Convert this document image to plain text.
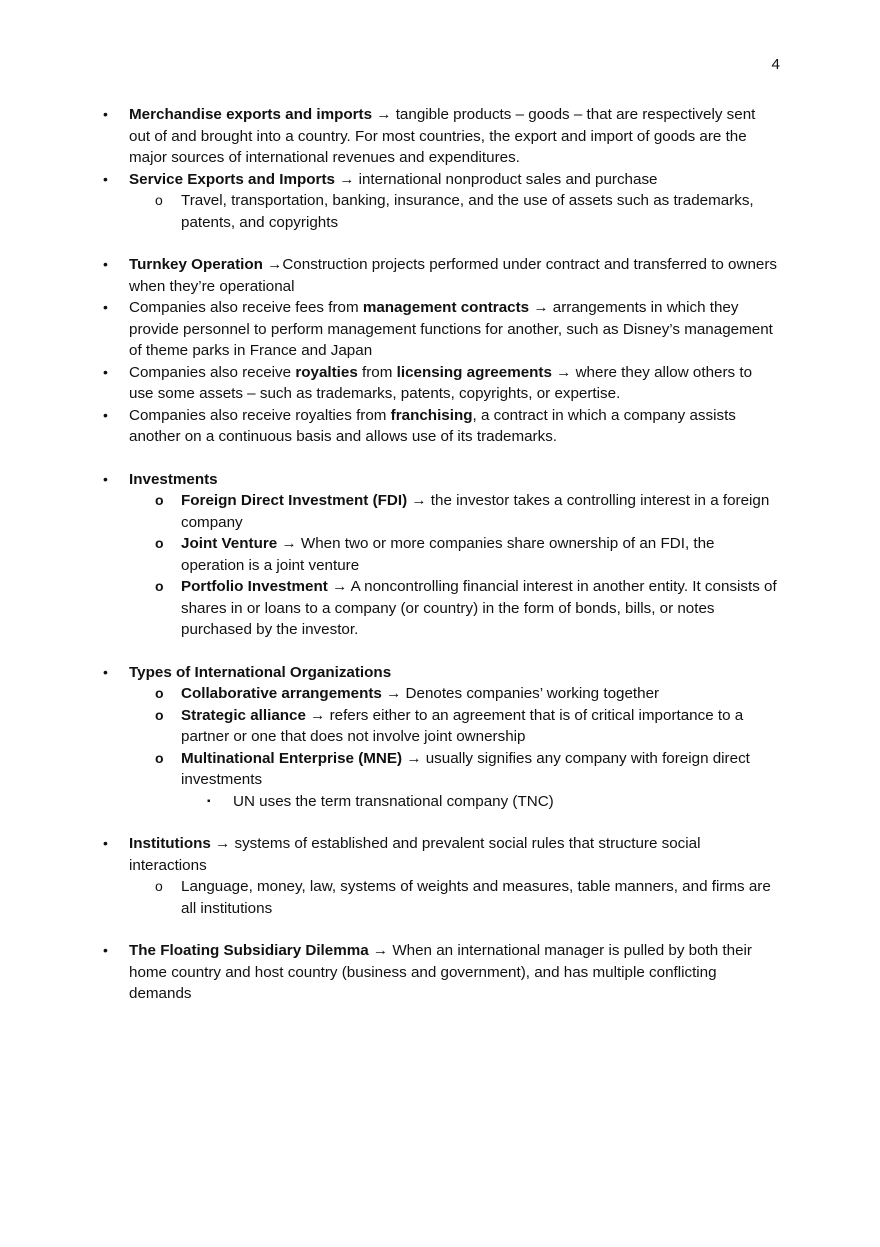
4

• Merchandise exports and imports → tangible products – goods – that are respectively sent out of and brought into a country. For most countries, the export and import of goods are the major sources of international revenues and expenditures.

• Service Exports and Imports → international nonproduct sales and purchase

o Travel, transportation, banking, insurance, and the use of assets such as trademarks, patents, and copyrights

• Turnkey Operation →Construction projects performed under contract and transferred to owners when they’re operational

• Companies also receive fees from management contracts → arrangements in which they provide personnel to perform management functions for another, such as Disney’s management of theme parks in France and Japan

• Companies also receive royalties from licensing agreements → where they allow others to use some assets – such as trademarks, patents, copyrights, or expertise.

• Companies also receive royalties from franchising, a contract in which a company assists another on a continuous basis and allows use of its trademarks.

• Investments

o Foreign Direct Investment (FDI) → the investor takes a controlling interest in a foreign company

o Joint Venture → When two or more companies share ownership of an FDI, the operation is a joint venture

o Portfolio Investment → A noncontrolling financial interest in another entity. It consists of shares in or loans to a company (or country) in the form of bonds, bills, or notes purchased by the investor.

• Types of International Organizations

o Collaborative arrangements → Denotes companies’ working together

o Strategic alliance → refers either to an agreement that is of critical importance to a partner or one that does not involve joint ownership

o Multinational Enterprise (MNE) → usually signifies any company with foreign direct investments

▪ UN uses the term transnational company (TNC)

• Institutions → systems of established and prevalent social rules that structure social interactions

o Language, money, law, systems of weights and measures, table manners, and firms are all institutions

• The Floating Subsidiary Dilemma → When an international manager is pulled by both their home country and host country (business and government), and has multiple conflicting demands
